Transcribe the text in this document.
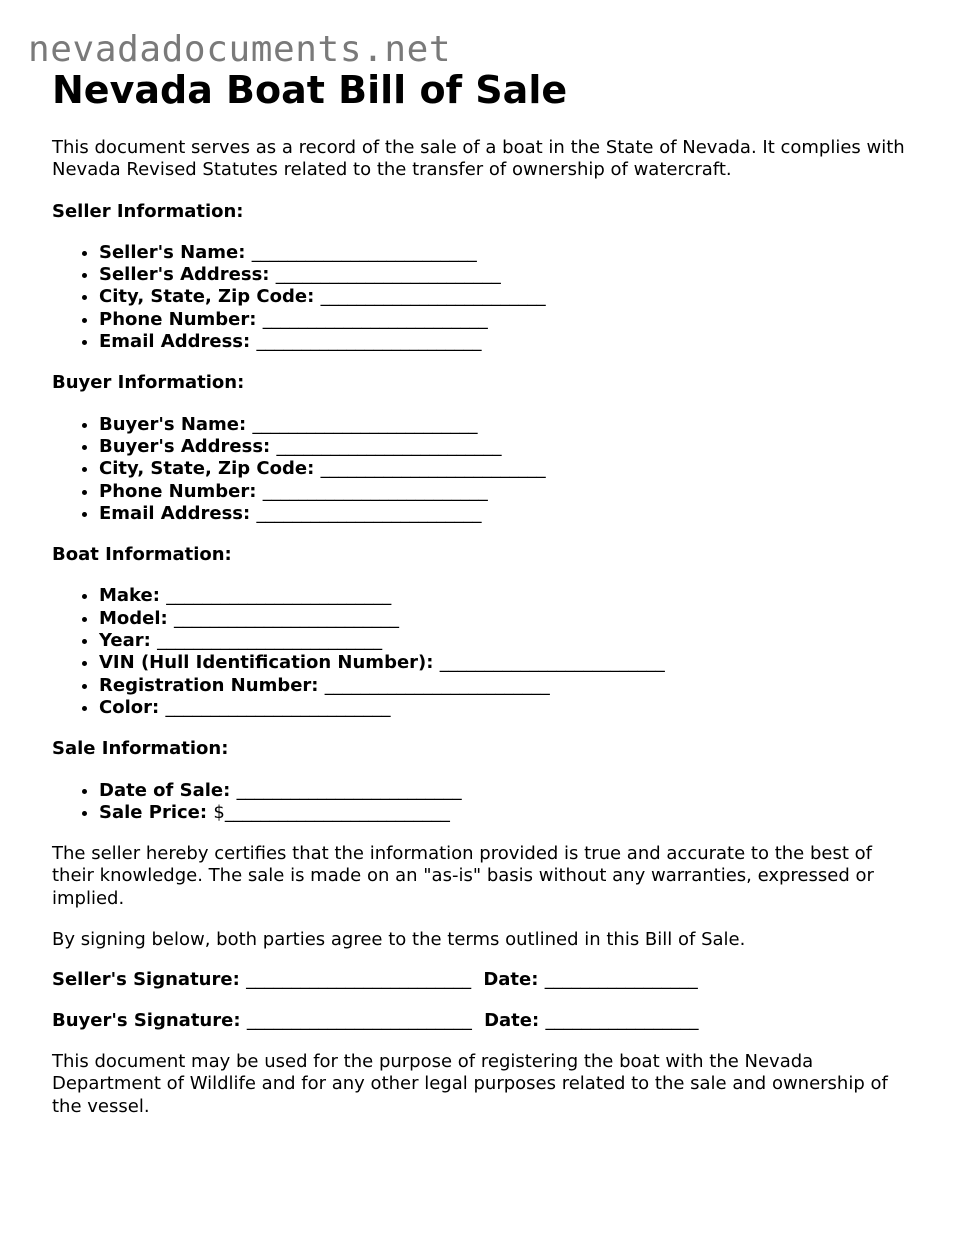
nevadadocuments.net
Nevada Boat Bill of Sale

This document serves as a record of the sale of a boat in the State of Nevada. It complies with Nevada Revised Statutes related to the transfer of ownership of watercraft.

Seller Information:
• Seller's Name: _________________________
• Seller's Address: _________________________
• City, State, Zip Code: _________________________
• Phone Number: _________________________
• Email Address: _________________________
Buyer Information:
• Buyer's Name: _________________________
• Buyer's Address: _________________________
• City, State, Zip Code: _________________________
• Phone Number: _________________________
• Email Address: _________________________
Boat Information:
• Make: _________________________
• Model: _________________________
• Year: _________________________
• VIN (Hull Identification Number): _________________________
• Registration Number: _________________________
• Color: _________________________
Sale Information:
• Date of Sale: _________________________
• Sale Price: $_________________________

The seller hereby certifies that the information provided is true and accurate to the best of their knowledge. The sale is made on an "as-is" basis without any warranties, expressed or implied.

By signing below, both parties agree to the terms outlined in this Bill of Sale.

Seller's Signature: _________________________ Date: _________________
Buyer's Signature: _________________________ Date: _________________

This document may be used for the purpose of registering the boat with the Nevada Department of Wildlife and for any other legal purposes related to the sale and ownership of the vessel.
